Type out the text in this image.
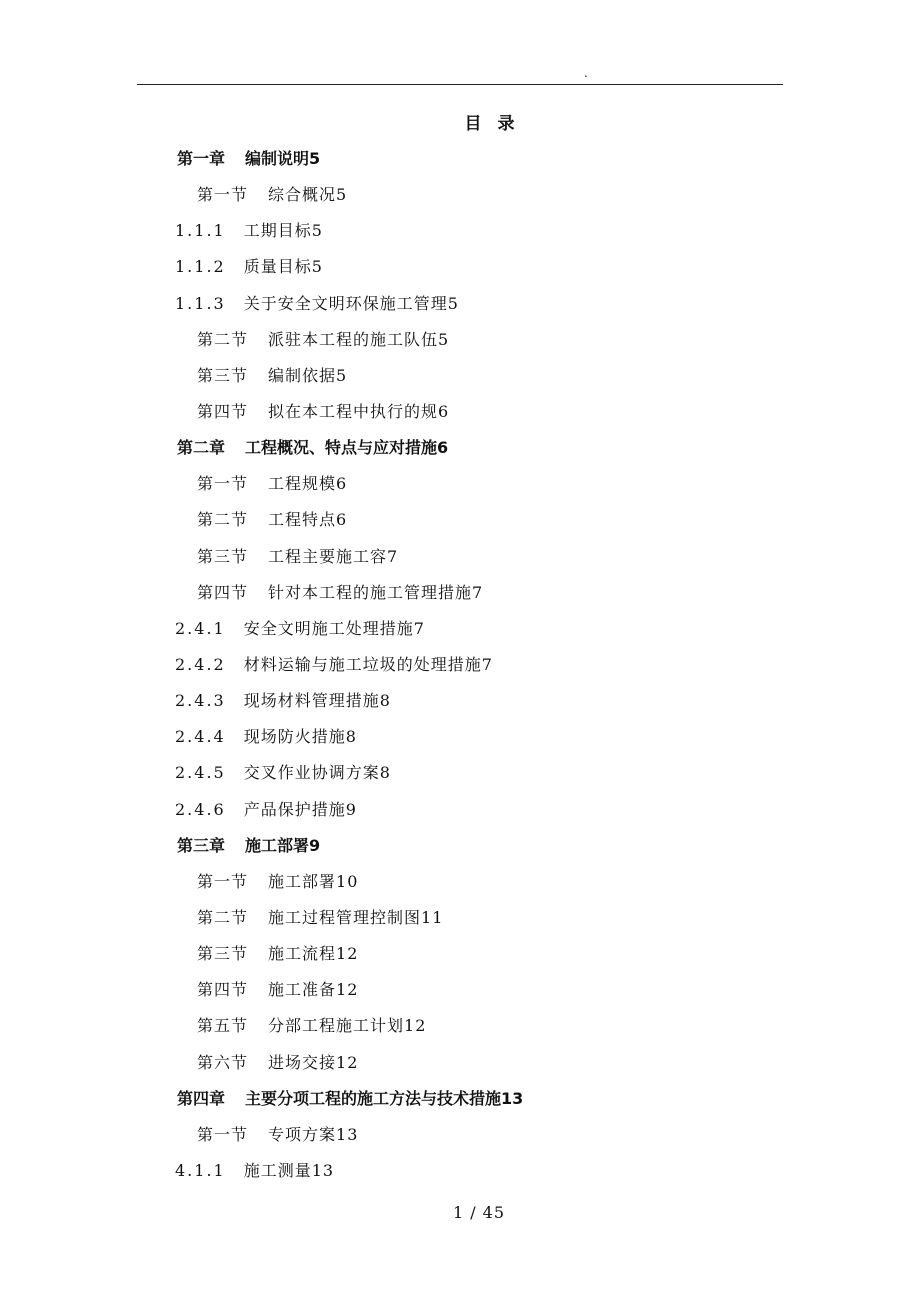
.
目录
第一章 编制说明5
第一节 综合概况5
1.1.1 工期目标5
1.1.2 质量目标5
1.1.3 关于安全文明环保施工管理5
第二节 派驻本工程的施工队伍5
第三节 编制依据5
第四节 拟在本工程中执行的规6
第二章 工程概况、特点与应对措施6
第一节 工程规模6
第二节 工程特点6
第三节 工程主要施工容7
第四节 针对本工程的施工管理措施7
2.4.1 安全文明施工处理措施7
2.4.2 材料运输与施工垃圾的处理措施7
2.4.3 现场材料管理措施8
2.4.4 现场防火措施8
2.4.5 交叉作业协调方案8
2.4.6 产品保护措施9
第三章 施工部署9
第一节 施工部署10
第二节 施工过程管理控制图11
第三节 施工流程12
第四节 施工准备12
第五节 分部工程施工计划12
第六节 进场交接12
第四章 主要分项工程的施工方法与技术措施13
第一节 专项方案13
4.1.1 施工测量13
1 / 45
